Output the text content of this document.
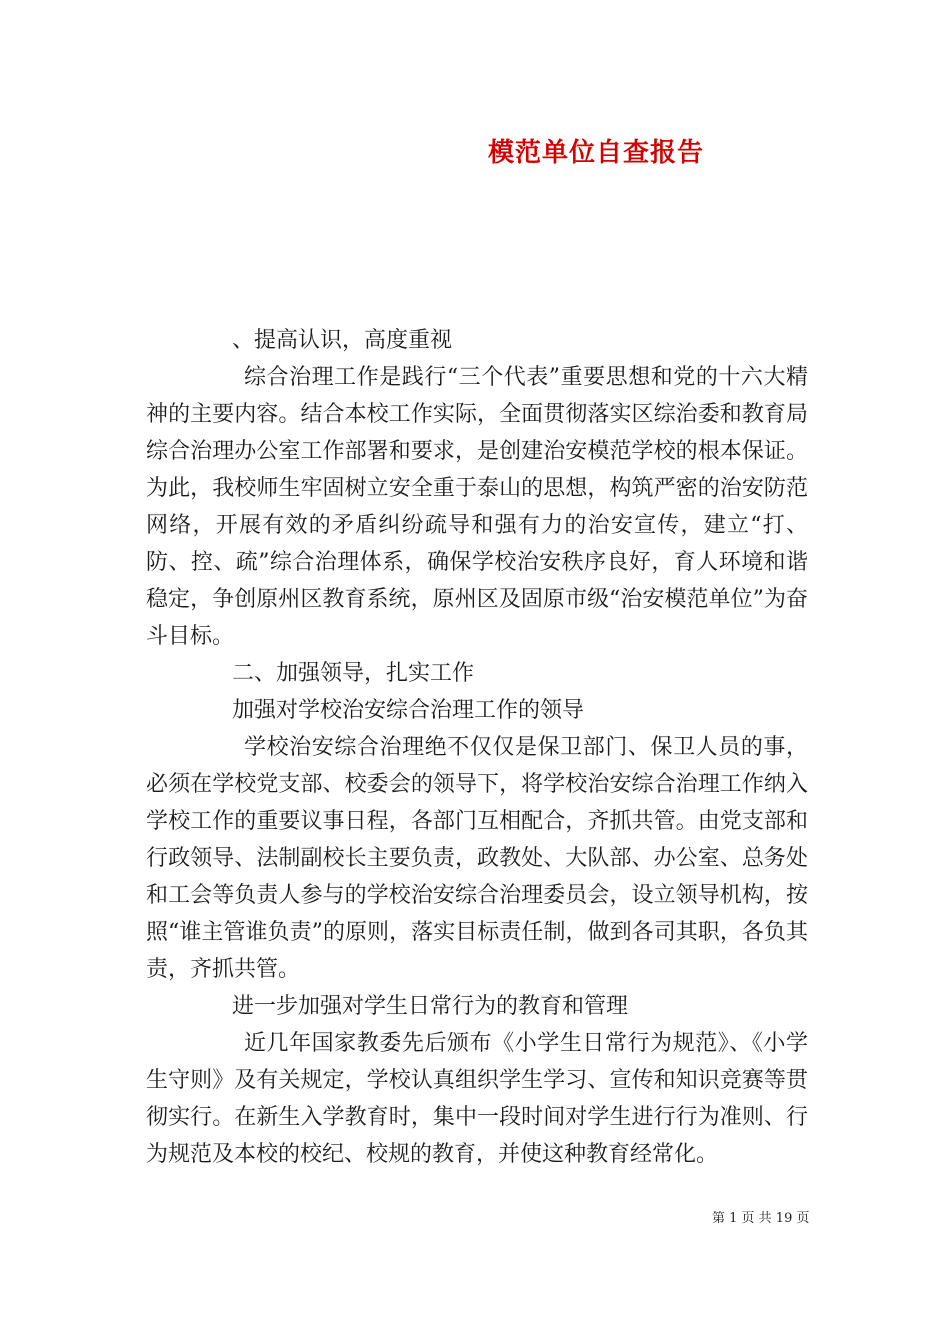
模范单位自查报告

、提高认识，高度重视

综合治理工作是践行“三个代表”重要思想和党的十六大精神的主要内容。结合本校工作实际，全面贯彻落实区综治委和教育局综合治理办公室工作部署和要求，是创建治安模范学校的根本保证。为此，我校师生牢固树立安全重于泰山的思想，构筑严密的治安防范网络，开展有效的矛盾纠纷疏导和强有力的治安宣传，建立“打、防、控、疏”综合治理体系，确保学校治安秩序良好，育人环境和谐稳定，争创原州区教育系统，原州区及固原市级“治安模范单位”为奋斗目标。

二、加强领导，扎实工作

加强对学校治安综合治理工作的领导

学校治安综合治理绝不仅仅是保卫部门、保卫人员的事，必须在学校党支部、校委会的领导下，将学校治安综合治理工作纳入学校工作的重要议事日程，各部门互相配合，齐抓共管。由党支部和行政领导、法制副校长主要负责，政教处、大队部、办公室、总务处和工会等负责人参与的学校治安综合治理委员会，设立领导机构，按照“谁主管谁负责”的原则，落实目标责任制，做到各司其职，各负其责，齐抓共管。

进一步加强对学生日常行为的教育和管理

近几年国家教委先后颁布《小学生日常行为规范》、《小学生守则》及有关规定，学校认真组织学生学习、宣传和知识竞赛等贯彻实行。在新生入学教育时，集中一段时间对学生进行行为准则、行为规范及本校的校纪、校规的教育，并使这种教育经常化。

第 1 页 共 19 页
